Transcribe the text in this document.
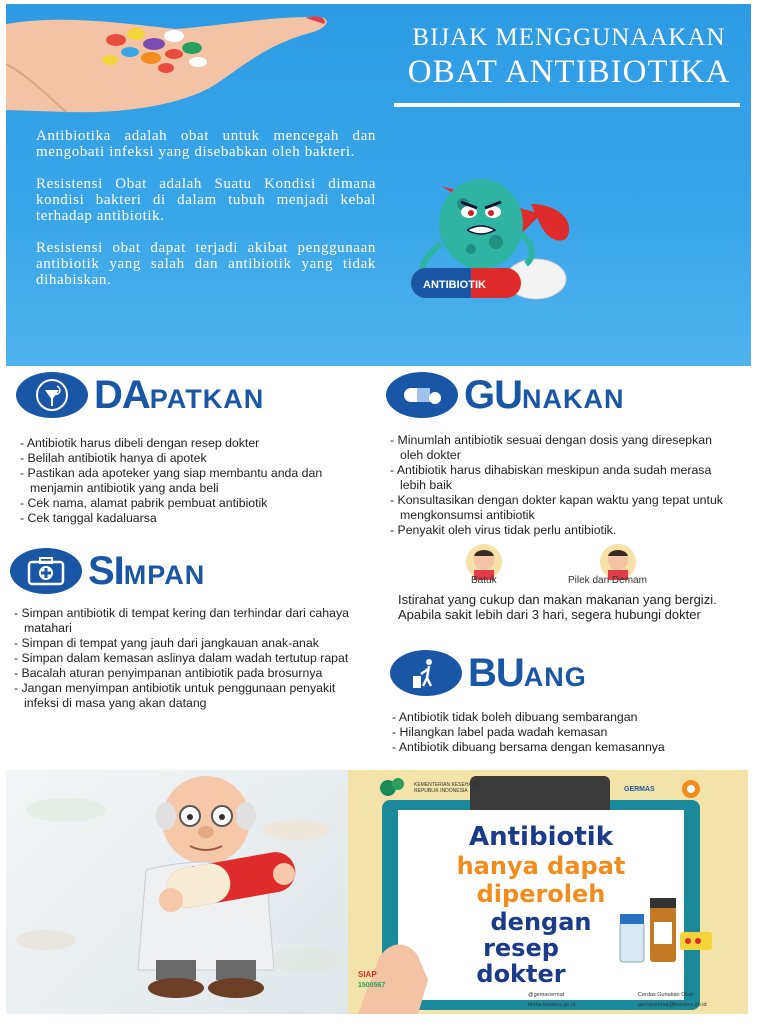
BIJAK MENGGUNAAKAN
OBAT ANTIBIOTIKA

Antibiotika adalah obat untuk mencegah dan mengobati infeksi yang disebabkan oleh bakteri.

Resistensi Obat adalah Suatu Kondisi dimana kondisi bakteri di dalam tubuh menjadi kebal terhadap antibiotik.

Resistensi obat dapat terjadi akibat penggunaan antibiotik yang salah dan antibiotik yang tidak dihabiskan.	ANTIBIOTIK
DAPATKAN
- Antibiotik harus dibeli dengan resep dokter
- Belilah antibiotik hanya di apotek
- Pastikan ada apoteker yang siap membantu anda dan menjamin antibiotik yang anda beli
- Cek nama, alamat pabrik pembuat antibiotik
- Cek tanggal kadaluarsa
GUNAKAN
- Minumlah antibiotik sesuai dengan dosis yang diresepkan oleh dokter
- Antibiotik harus dihabiskan meskipun anda sudah merasa lebih baik
- Konsultasikan dengan dokter kapan waktu yang tepat untuk mengkonsumsi antibiotik
- Penyakit oleh virus tidak perlu antibiotik.
Batuk	Pilek dan Demam
Istirahat yang cukup dan makan makanan yang bergizi. Apabila sakit lebih dari 3 hari, segera hubungi dokter
SIMPAN
- Simpan antibiotik di tempat kering dan terhindar dari cahaya matahari
- Simpan di tempat yang jauh dari jangkauan anak-anak
- Simpan dalam kemasan aslinya dalam wadah tertutup rapat
- Bacalah aturan penyimpanan antibiotik pada brosurnya
- Jangan menyimpan antibiotik untuk penggunaan penyakit infeksi di masa yang akan datang
BUANG
- Antibiotik tidak boleh dibuang sembarangan
- Hilangkan label pada wadah kemasan
- Antibiotik dibuang bersama dengan kemasannya
KEMENTERIAN KESEHATAN REPUBLIK INDONESIA	GERMAS
Antibiotik
hanya dapat
diperoleh
dengan
resep
dokter
SIAP
1500567
@gemacermat	Cerdas Gunakan Obat
binfar.kemkes.go.id	gemacermat@kemkes.go.id
